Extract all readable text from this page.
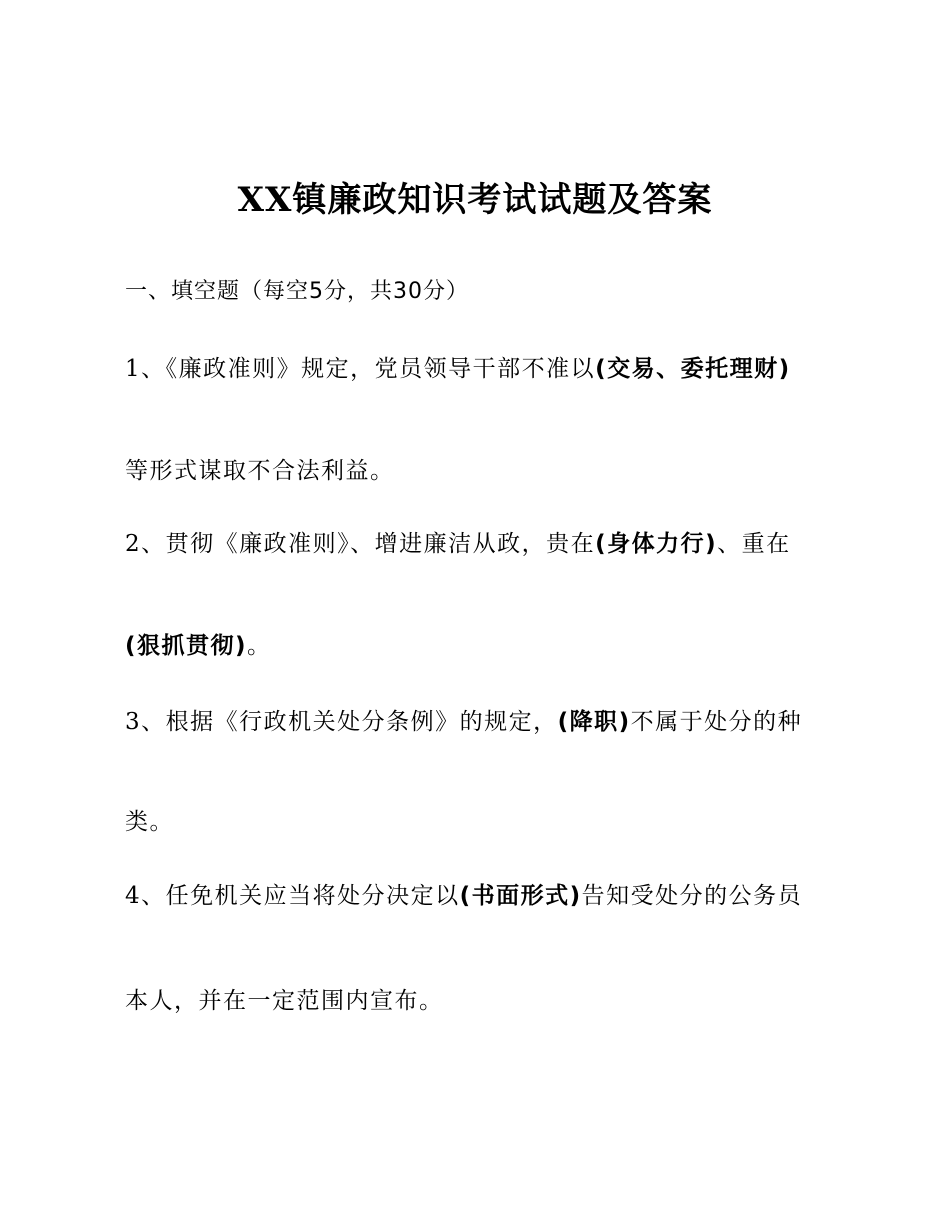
XX镇廉政知识考试试题及答案
一、填空题（每空5分，共30分）
1、《廉政准则》规定，党员领导干部不准以(交易、委托理财)
等形式谋取不合法利益。
2、贯彻《廉政准则》、增进廉洁从政，贵在(身体力行)、重在
(狠抓贯彻)。
3、根据《行政机关处分条例》的规定，(降职)不属于处分的种
类。
4、任免机关应当将处分决定以(书面形式)告知受处分的公务员
本人，并在一定范围内宣布。
